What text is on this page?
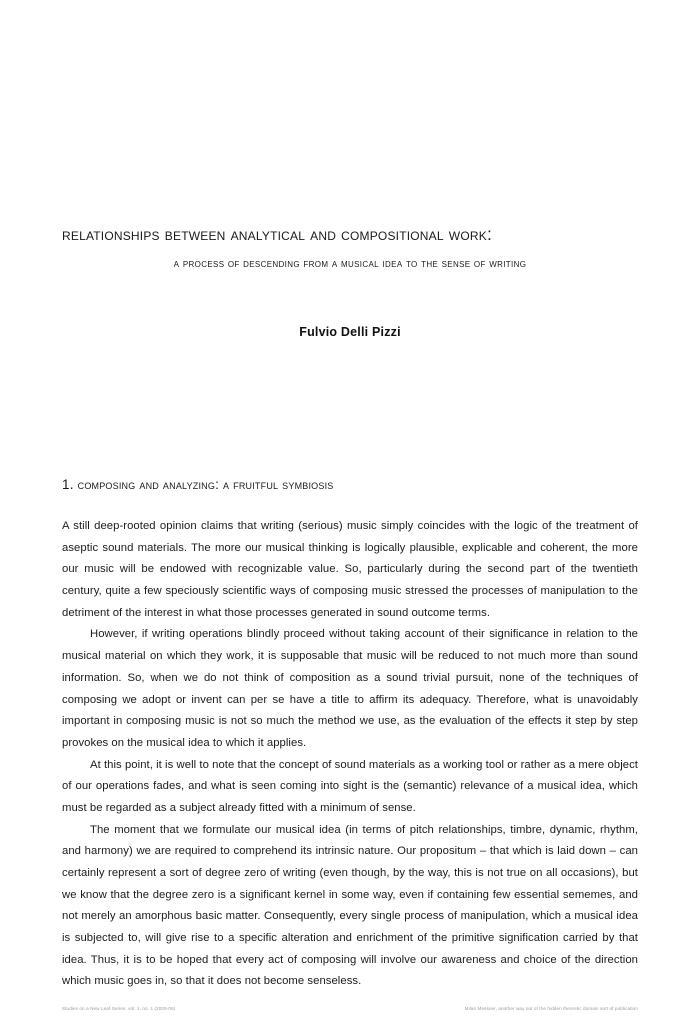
relationships between analytical and compositional work:
a process of descending from a musical idea to the sense of writing
Fulvio Delli Pizzi
1. composing and analyzing: a fruitful symbiosis

A still deep-rooted opinion claims that writing (serious) music simply coincides with the logic of the treatment of aseptic sound materials. The more our musical thinking is logically plausible, explicable and coherent, the more our music will be endowed with recognizable value. So, particularly during the second part of the twentieth century, quite a few speciously scientific ways of composing music stressed the processes of manipulation to the detriment of the interest in what those processes generated in sound outcome terms.

However, if writing operations blindly proceed without taking account of their significance in relation to the musical material on which they work, it is supposable that music will be reduced to not much more than sound information. So, when we do not think of composition as a sound trivial pursuit, none of the techniques of composing we adopt or invent can per se have a title to affirm its adequacy. Therefore, what is unavoidably important in composing music is not so much the method we use, as the evaluation of the effects it step by step provokes on the musical idea to which it applies.

At this point, it is well to note that the concept of sound materials as a working tool or rather as a mere object of our operations fades, and what is seen coming into sight is the (semantic) relevance of a musical idea, which must be regarded as a subject already fitted with a minimum of sense.

The moment that we formulate our musical idea (in terms of pitch relationships, timbre, dynamic, rhythm, and harmony) we are required to comprehend its intrinsic nature. Our propositum – that which is laid down – can certainly represent a sort of degree zero of writing (even though, by the way, this is not true on all occasions), but we know that the degree zero is a significant kernel in some way, even if containing few essential sememes, and not merely an amorphous basic matter. Consequently, every single process of manipulation, which a musical idea is subjected to, will give rise to a specific alteration and enrichment of the primitive signification carried by that idea. Thus, it is to be hoped that every act of composing will involve our awareness and choice of the direction which music goes in, so that it does not become senseless.

Studies on a New Leaf Series, vol. 1, no. 1 (2005-06)	Milan Messner, another way out of the hidden theoretic domain sort of publication
